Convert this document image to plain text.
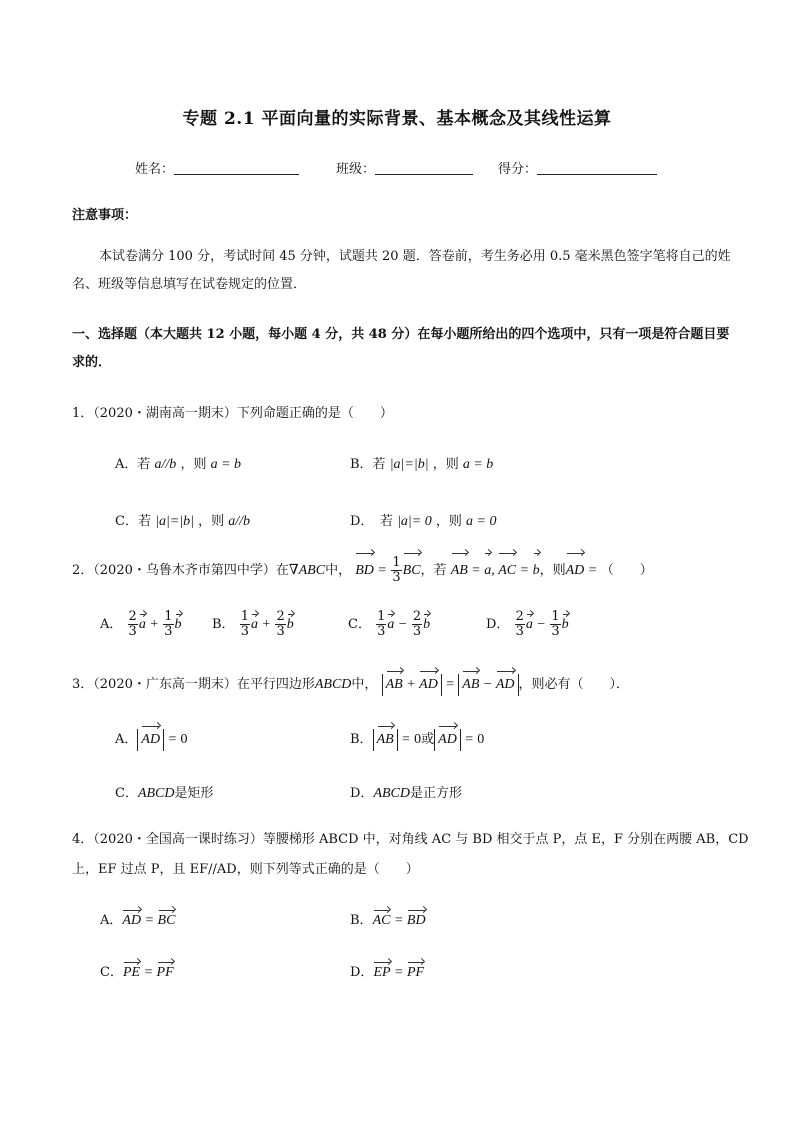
专题 2.1 平面向量的实际背景、基本概念及其线性运算
姓名：	班级：	得分：
注意事项：
本试卷满分 100 分，考试时间 45 分钟，试题共 20 题．答卷前，考生务必用 0.5 毫米黑色签字笔将自己的姓名、班级等信息填写在试卷规定的位置．
一、选择题（本大题共 12 小题，每小题 4 分，共 48 分）在每小题所给出的四个选项中，只有一项是符合题目要求的．
1．（2020・湖南高一期末）下列命题正确的是（　　）
A．若 a//b ，则 a = b	B．若 |a|=|b| ，则 a = b
C．若 |a|=|b| ，则 a//b	D．　若 |a|= 0 ，则 a = 0
2．（2020・乌鲁木齐市第四中学）在∇ABC中， BD = $\frac{1}{3}$ BC，若 AB = a, AC = b，则AD = （　　）
A． $\frac{2}{3}$ $a + \frac{1}{3}$ b B． $\frac{1}{3}$ $a + \frac{2}{3}$ b	C． $\frac{1}{3}$ $a - \frac{2}{3}$ b	D． $\frac{2}{3}$ $a - \frac{1}{3}$ b
3．（2020・广东高一期末）在平行四边形ABCD中， AB + AD = AB − AD ，则必有（　　）．
A． AD = 0	B． AB = 0或 AD = 0
C．ABCD是矩形	D．ABCD是正方形
4．（2020・全国高一课时练习）等腰梯形 ABCD 中，对角线 AC 与 BD 相交于点 P，点 E，F 分别在两腰 AB，CD
上，EF 过点 P，且 EF//AD，则下列等式正确的是（　　）
A．AD = BC	B．AC = BD
C．PE = PF	D．EP = PF
